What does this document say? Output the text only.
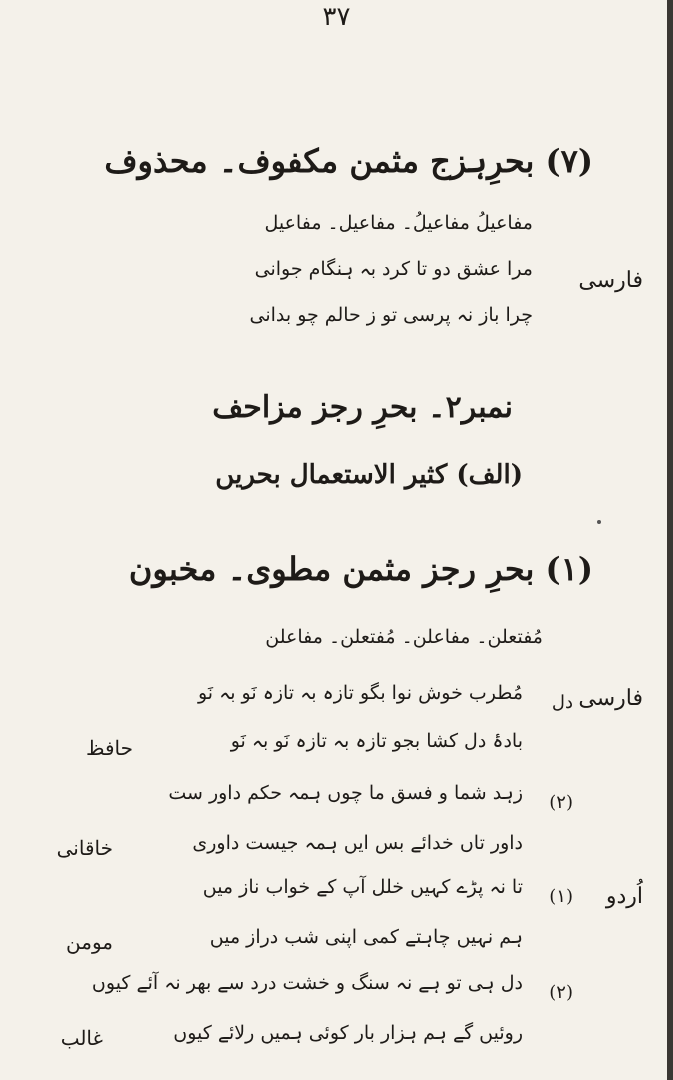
۳۷
(۷) بحرِہزج مثمن مکفوف۔ محذوف
مفاعیلُ مفاعیلُ۔ مفاعیل۔ مفاعیل
فارسی
مرا عشق دو تا کرد بہ ہنگام جوانی
چرا باز نہ پرسی تو ز حالم چو بدانی
نمبر۲۔ بحرِ رجز مزاحف
(الف) کثیر الاستعمال بحریں
(۱) بحرِ رجز مثمن مطوی۔ مخبون
مُفتعلن۔ مفاعلن۔ مُفتعلن۔ مفاعلن
فارسی
دل
مُطرب خوش نوا بگو تازہ بہ تازہ نَو بہ نَو
بادۂ دل کشا بجو تازہ بہ تازہ نَو بہ نَو
حافظ
(۲)
زہد شما و فسق ما چوں ہمہ حکم داور ست
داور تاں خدائے بس ایں ہمہ جیست داوری
خاقانی
اُردو
(۱)
تا نہ پڑے کہیں خلل آپ کے خواب ناز میں
ہم نہیں چاہتے کمی اپنی شب دراز میں
مومن
(۲)
دل ہی تو ہے نہ سنگ و خشت درد سے بھر نہ آئے کیوں
روئیں گے ہم ہزار بار کوئی ہمیں رلائے کیوں
غالب
